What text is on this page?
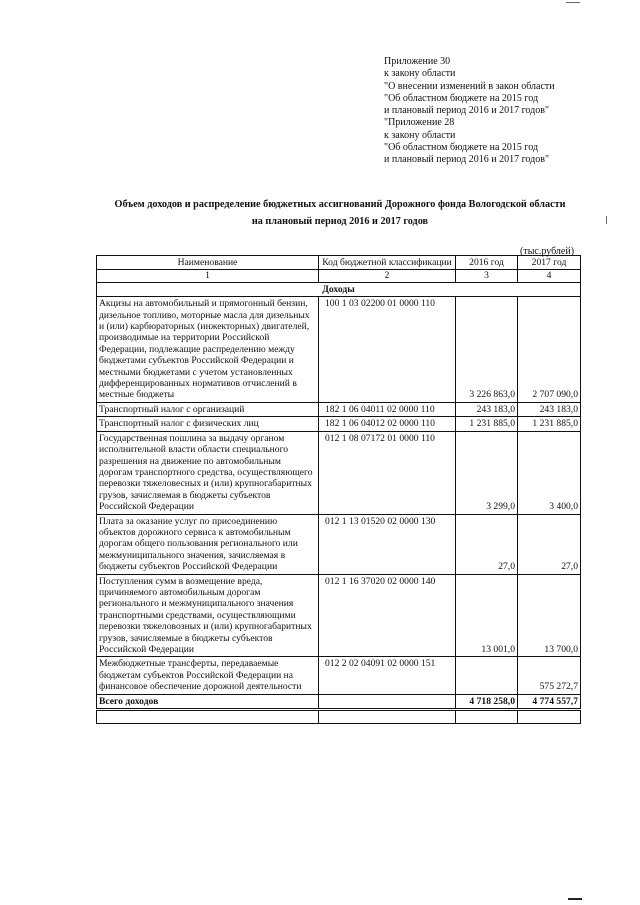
Приложение 30
к закону области
"О внесении изменений в закон области
"Об областном бюджете на 2015 год
и плановый период 2016 и 2017 годов"
"Приложение 28
к закону области
"Об областном бюджете на 2015 год
и плановый период 2016 и 2017 годов"
Объем доходов и распределение бюджетных ассигнований Дорожного фонда Вологодской области
на плановый период 2016 и 2017 годов
(тыс.рублей)
Наименование	Код бюджетной классификации	2016 год	2017 год
1	2	3	4
Доходы			
Акцизы на автомобильный и прямогонный бензин, дизельное топливо, моторные масла для дизельных и (или) карбюраторных (инжекторных) двигателей, производимые на территории Российской Федерации, подлежащие распределению между бюджетами субъектов Российской Федерации и местными бюджетами с учетом установленных дифференцированных нормативов отчислений в местные бюджеты	100 1 03 02200 01 0000 110	3 226 863,0	2 707 090,0
Транспортный налог с организаций	182 1 06 04011 02 0000 110	243 183,0	243 183,0
Транспортный налог с физических лиц	182 1 06 04012 02 0000 110	1 231 885,0	1 231 885,0
Государственная пошлина за выдачу органом исполнительной власти области специального разрешения на движение по автомобильным дорогам транспортного средства, осуществляющего перевозки тяжеловесных и (или) крупногабаритных грузов, зачисляемая в бюджеты субъектов Российской Федерации	012 1 08 07172 01 0000 110	3 299,0	3 400,0
Плата за оказание услуг по присоединению объектов дорожного сервиса к автомобильным дорогам общего пользования регионального или межмуниципального значения, зачисляемая в бюджеты субъектов Российской Федерации	012 1 13 01520 02 0000 130	27,0	27,0
Поступления сумм в возмещение вреда, причиняемого автомобильным дорогам регионального и межмуниципального значения транспортными средствами, осуществляющими перевозки тяжеловозных и (или) крупногабаритных грузов, зачисляемые в бюджеты субъектов Российской Федерации	012 1 16 37020 02 0000 140	13 001,0	13 700,0
Межбюджетные трансферты, передаваемые бюджетам субъектов Российской Федерации на финансовое обеспечение дорожной деятельности	012 2 02 04091 02 0000 151		575 272,7
Всего доходов		4 718 258,0	4 774 557,7
